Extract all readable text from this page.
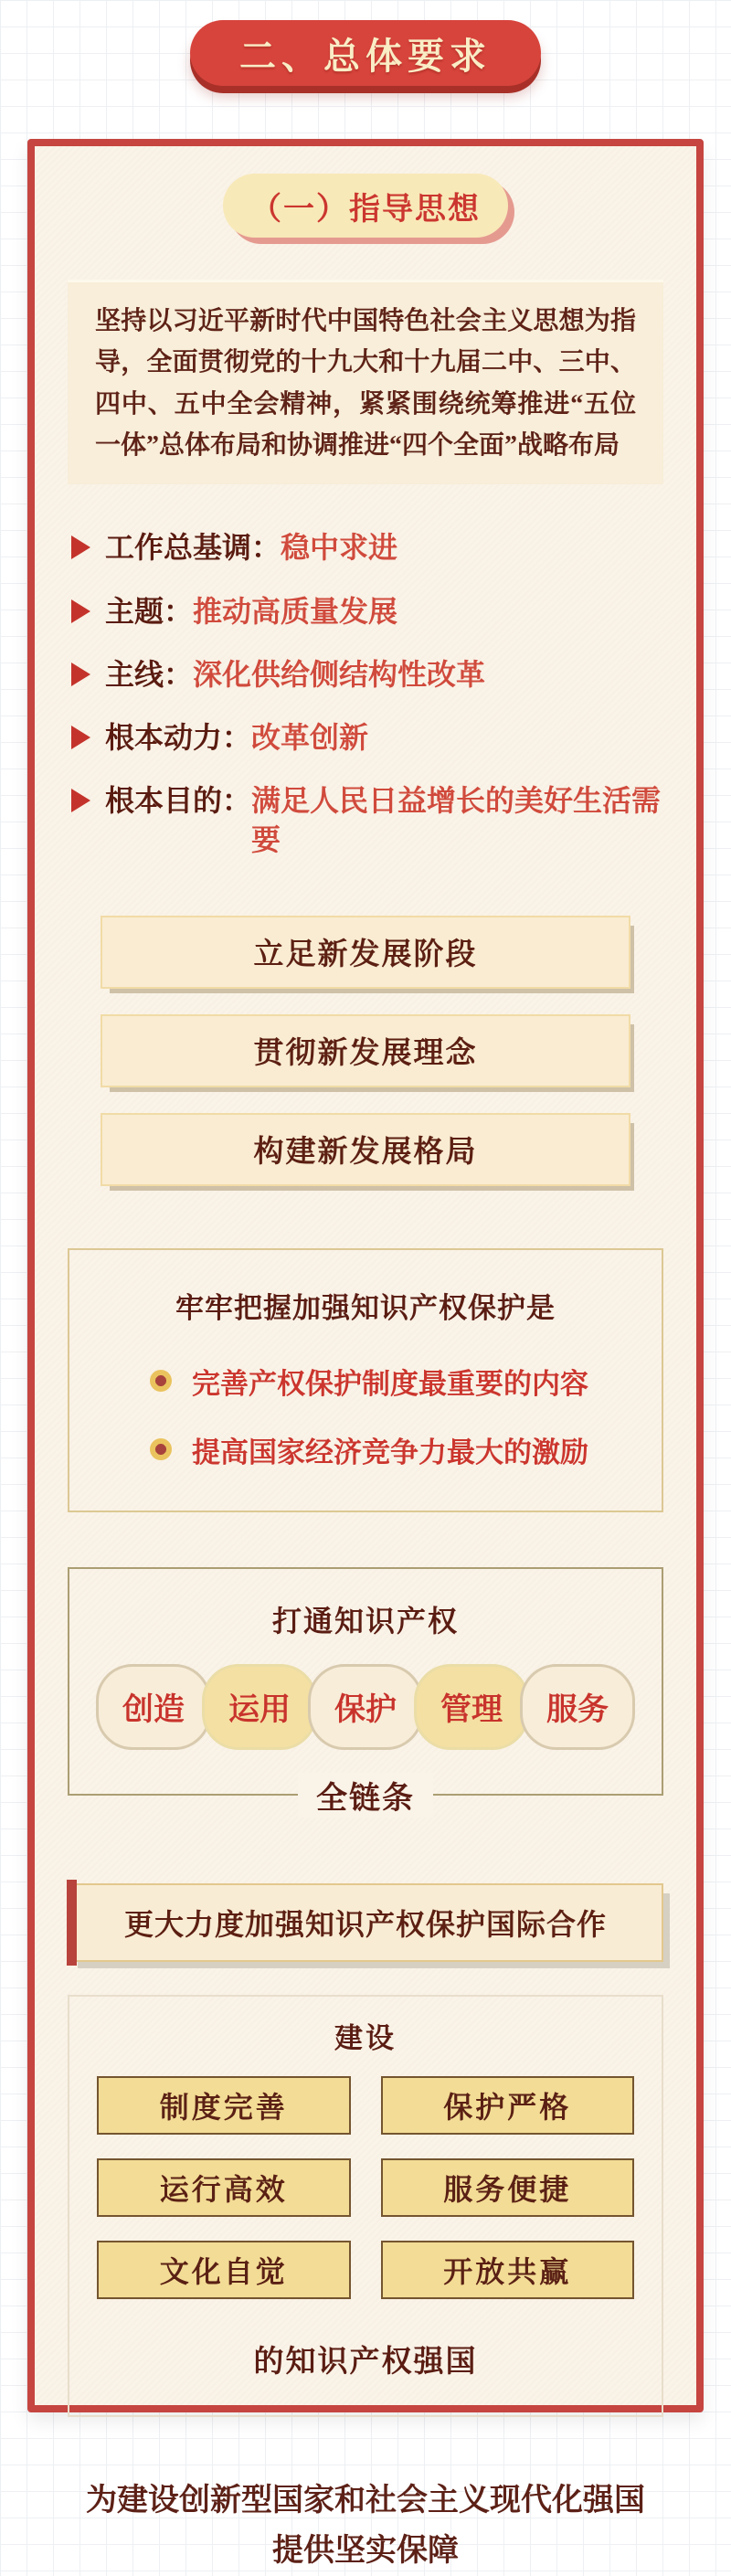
二、总体要求
（一）指导思想
坚持以习近平新时代中国特色社会主义思想为指导，全面贯彻党的十九大和十九届二中、三中、四中、五中全会精神，紧紧围绕统筹推进“五位一体”总体布局和协调推进“四个全面”战略布局
工作总基调： 稳中求进
主题： 推动高质量发展
主线： 深化供给侧结构性改革
根本动力： 改革创新
根本目的： 满足人民日益增长的美好生活需要
立足新发展阶段
贯彻新发展理念
构建新发展格局
牢牢把握加强知识产权保护是
完善产权保护制度最重要的内容
提高国家经济竞争力最大的激励
打通知识产权
创造 运用 保护 管理 服务
全链条
更大力度加强知识产权保护国际合作
建设
制度完善	保护严格
运行高效	服务便捷
文化自觉	开放共赢
的知识产权强国
为建设创新型国家和社会主义现代化强国
提供坚实保障
